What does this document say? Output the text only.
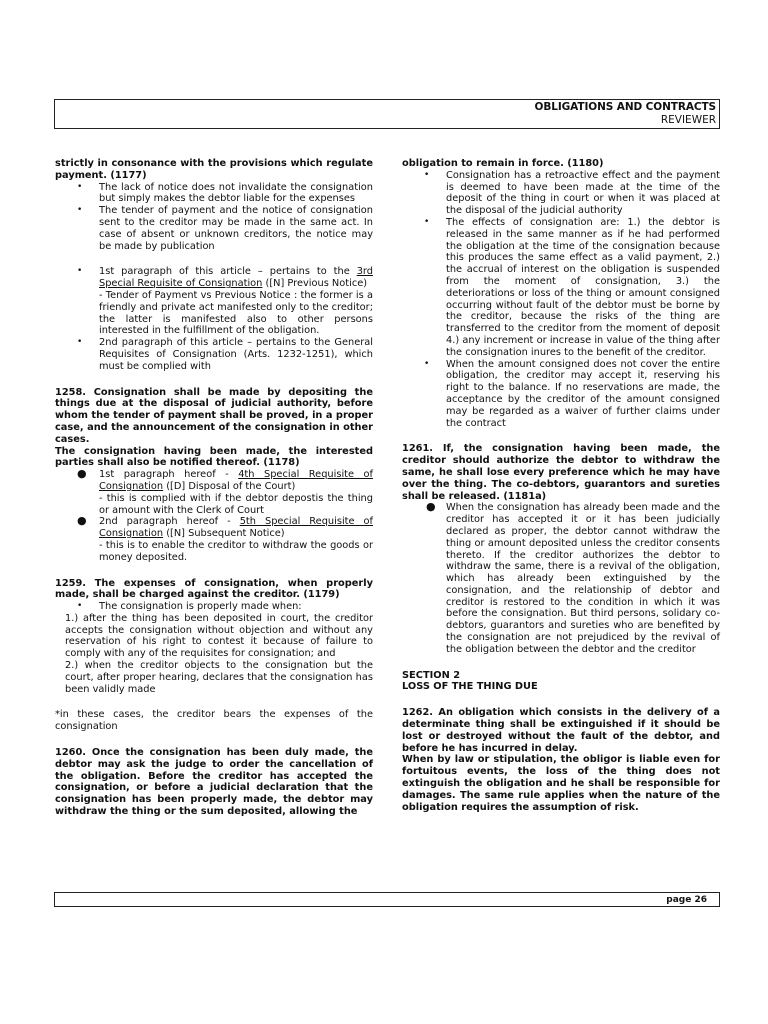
OBLIGATIONS AND CONTRACTS
REVIEWER

strictly in consonance with the provisions which regulate payment. (1177)

• The lack of notice does not invalidate the consignation but simply makes the debtor liable for the expenses
• The tender of payment and the notice of consignation sent to the creditor may be made in the same act. In case of absent or unknown creditors, the notice may be made by publication
• 1st paragraph of this article – pertains to the 3rd Special Requisite of Consignation ([N] Previous Notice)
- Tender of Payment vs Previous Notice : the former is a friendly and private act manifested only to the creditor; the latter is manifested also to other persons interested in the fulfillment of the obligation.
• 2nd paragraph of this article – pertains to the General Requisites of Consignation (Arts. 1232-1251), which must be complied with

1258. Consignation shall be made by depositing the things due at the disposal of judicial authority, before whom the tender of payment shall be proved, in a proper case, and the announcement of the consignation in other cases.

The consignation having been made, the interested parties shall also be notified thereof. (1178)

● 1st paragraph hereof - 4th Special Requisite of Consignation ([D] Disposal of the Court)
- this is complied with if the debtor depostis the thing or amount with the Clerk of Court
● 2nd paragraph hereof - 5th Special Requisite of Consignation ([N] Subsequent Notice)
- this is to enable the creditor to withdraw the goods or money deposited.

1259. The expenses of consignation, when properly made, shall be charged against the creditor. (1179)

• The consignation is properly made when:

1.) after the thing has been deposited in court, the creditor accepts the consignation without objection and without any reservation of his right to contest it because of failure to comply with any of the requisites for consignation; and

2.) when the creditor objects to the consignation but the court, after proper hearing, declares that the consignation has been validly made

*in these cases, the creditor bears the expenses of the consignation

1260. Once the consignation has been duly made, the debtor may ask the judge to order the cancellation of the obligation. Before the creditor has accepted the consignation, or before a judicial declaration that the consignation has been properly made, the debtor may withdraw the thing or the sum deposited, allowing the

obligation to remain in force. (1180)

• Consignation has a retroactive effect and the payment is deemed to have been made at the time of the deposit of the thing in court or when it was placed at the disposal of the judicial authority
• The effects of consignation are: 1.) the debtor is released in the same manner as if he had performed the obligation at the time of the consignation because this produces the same effect as a valid payment, 2.) the accrual of interest on the obligation is suspended from the moment of consignation, 3.) the deteriorations or loss of the thing or amount consigned occurring without fault of the debtor must be borne by the creditor, because the risks of the thing are transferred to the creditor from the moment of deposit 4.) any increment or increase in value of the thing after the consignation inures to the benefit of the creditor.
• When the amount consigned does not cover the entire obligation, the creditor may accept it, reserving his right to the balance. If no reservations are made, the acceptance by the creditor of the amount consigned may be regarded as a waiver of further claims under the contract

1261. If, the consignation having been made, the creditor should authorize the debtor to withdraw the same, he shall lose every preference which he may have over the thing. The co-debtors, guarantors and sureties shall be released. (1181a)

● When the consignation has already been made and the creditor has accepted it or it has been judicially declared as proper, the debtor cannot withdraw the thing or amount deposited unless the creditor consents thereto. If the creditor authorizes the debtor to withdraw the same, there is a revival of the obligation, which has already been extinguished by the consignation, and the relationship of debtor and creditor is restored to the condition in which it was before the consignation. But third persons, solidary co-debtors, guarantors and sureties who are benefited by the consignation are not prejudiced by the revival of the obligation between the debtor and the creditor

SECTION 2

LOSS OF THE THING DUE

1262. An obligation which consists in the delivery of a determinate thing shall be extinguished if it should be lost or destroyed without the fault of the debtor, and before he has incurred in delay.

When by law or stipulation, the obligor is liable even for fortuitous events, the loss of the thing does not extinguish the obligation and he shall be responsible for damages. The same rule applies when the nature of the obligation requires the assumption of risk.

page 26
